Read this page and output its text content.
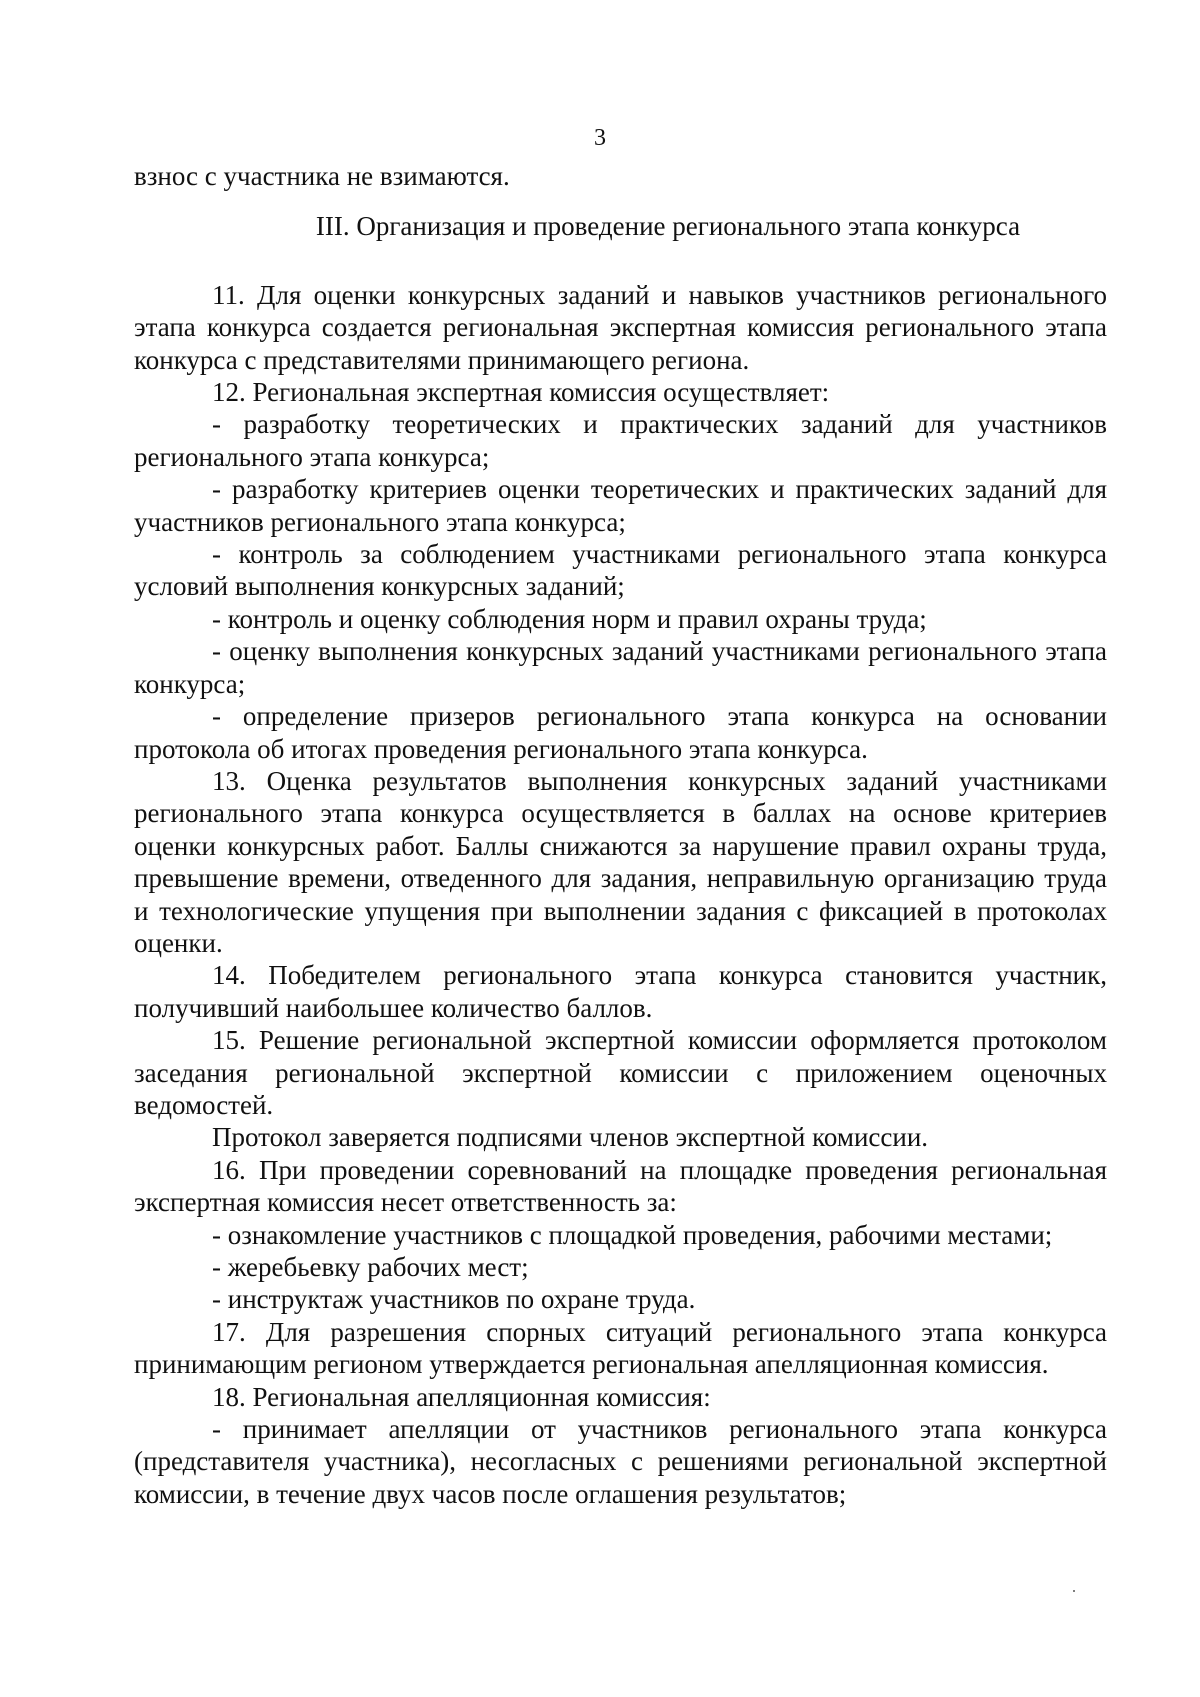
3

взнос с участника не взимаются.

III. Организация и проведение регионального этапа конкурса

11. Для оценки конкурсных заданий и навыков участников регионального этапа конкурса создается региональная экспертная комиссия регионального этапа конкурса с представителями принимающего региона.

12. Региональная экспертная комиссия осуществляет:

- разработку теоретических и практических заданий для участников регионального этапа конкурса;

- разработку критериев оценки теоретических и практических заданий для участников регионального этапа конкурса;

- контроль за соблюдением участниками регионального этапа конкурса условий выполнения конкурсных заданий;

- контроль и оценку соблюдения норм и правил охраны труда;

- оценку выполнения конкурсных заданий участниками регионального этапа конкурса;

- определение призеров регионального этапа конкурса на основании протокола об итогах проведения регионального этапа конкурса.

13. Оценка результатов выполнения конкурсных заданий участниками регионального этапа конкурса осуществляется в баллах на основе критериев оценки конкурсных работ. Баллы снижаются за нарушение правил охраны труда, превышение времени, отведенного для задания, неправильную организацию труда и технологические упущения при выполнении задания с фиксацией в протоколах оценки.

14. Победителем регионального этапа конкурса становится участник, получивший наибольшее количество баллов.

15. Решение региональной экспертной комиссии оформляется протоколом заседания региональной экспертной комиссии с приложением оценочных ведомостей.

Протокол заверяется подписями членов экспертной комиссии.

16. При проведении соревнований на площадке проведения региональная экспертная комиссия несет ответственность за:

- ознакомление участников с площадкой проведения, рабочими местами;

- жеребьевку рабочих мест;

- инструктаж участников по охране труда.

17. Для разрешения спорных ситуаций регионального этапа конкурса принимающим регионом утверждается региональная апелляционная комиссия.

18. Региональная апелляционная комиссия:

- принимает апелляции от участников регионального этапа конкурса (представителя участника), несогласных с решениями региональной экспертной комиссии, в течение двух часов после оглашения результатов;
